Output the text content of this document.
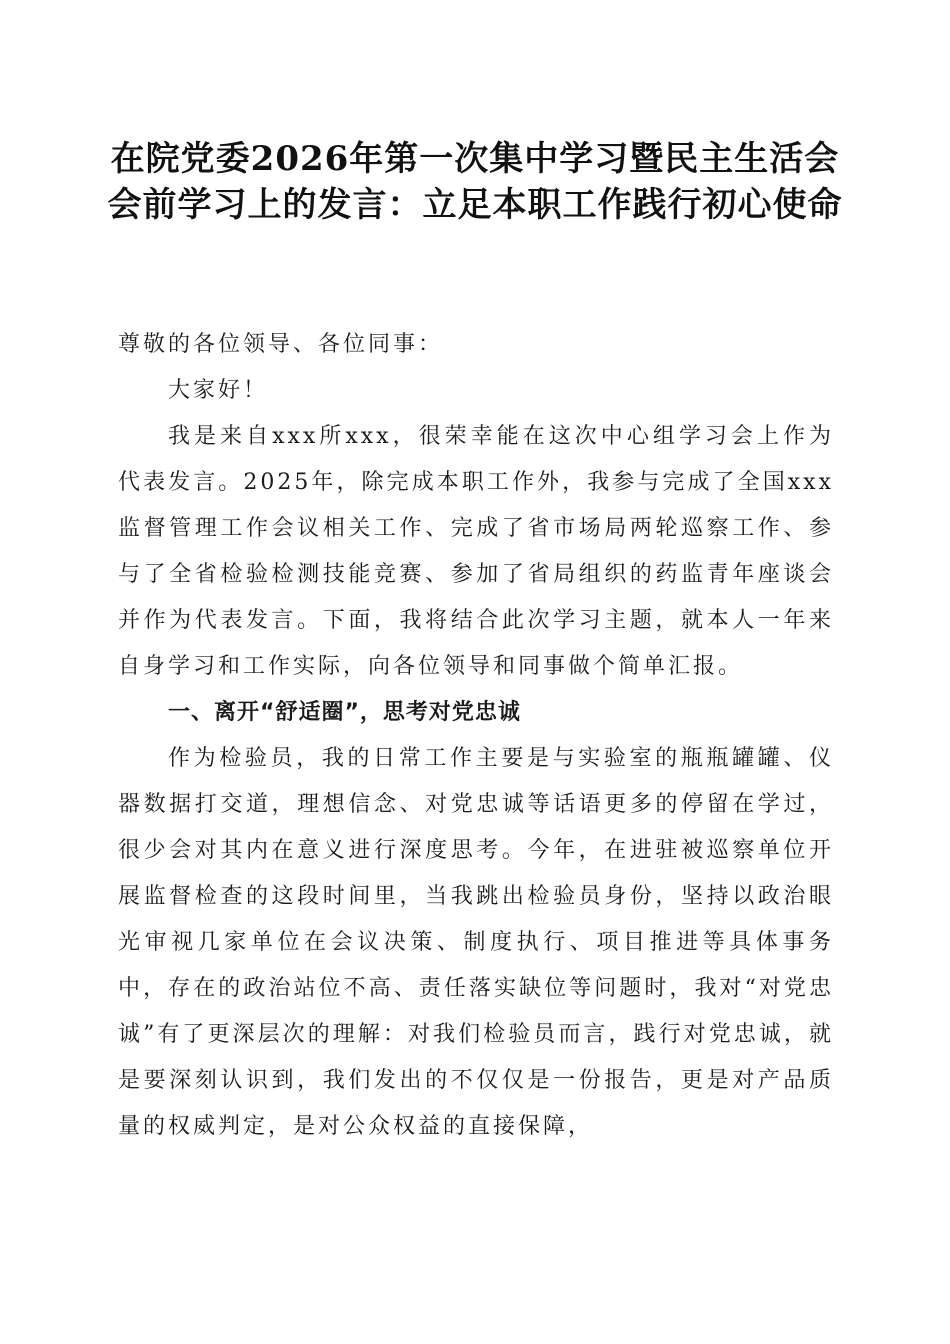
在院党委2026年第一次集中学习暨民主生活会会前学习上的发言：立足本职工作践行初心使命

尊敬的各位领导、各位同事：

大家好！

我是来自xxx所xxx，很荣幸能在这次中心组学习会上作为代表发言。2025年，除完成本职工作外，我参与完成了全国xxx监督管理工作会议相关工作、完成了省市场局两轮巡察工作、参与了全省检验检测技能竞赛、参加了省局组织的药监青年座谈会并作为代表发言。下面，我将结合此次学习主题，就本人一年来自身学习和工作实际，向各位领导和同事做个简单汇报。

一、离开“舒适圈”，思考对党忠诚

作为检验员，我的日常工作主要是与实验室的瓶瓶罐罐、仪器数据打交道，理想信念、对党忠诚等话语更多的停留在学过，很少会对其内在意义进行深度思考。今年，在进驻被巡察单位开展监督检查的这段时间里，当我跳出检验员身份，坚持以政治眼光审视几家单位在会议决策、制度执行、项目推进等具体事务中，存在的政治站位不高、责任落实缺位等问题时，我对“对党忠诚”有了更深层次的理解：对我们检验员而言，践行对党忠诚，就是要深刻认识到，我们发出的不仅仅是一份报告，更是对产品质量的权威判定，是对公众权益的直接保障，
